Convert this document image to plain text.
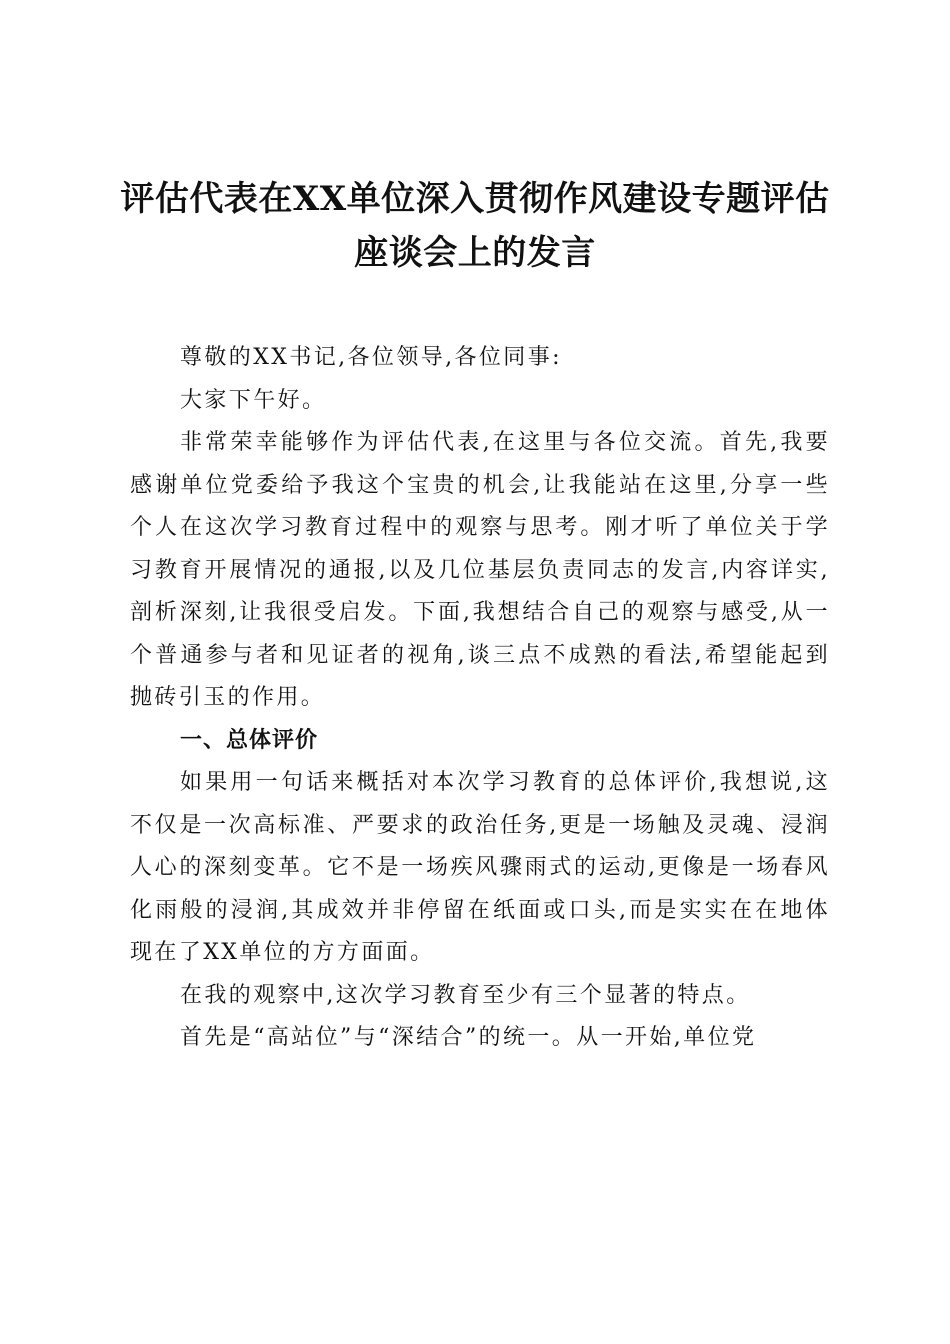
评估代表在XX单位深入贯彻作风建设专题评估座谈会上的发言

尊敬的XX书记,各位领导,各位同事:

大家下午好。

非常荣幸能够作为评估代表,在这里与各位交流。首先,我要感谢单位党委给予我这个宝贵的机会,让我能站在这里,分享一些个人在这次学习教育过程中的观察与思考。刚才听了单位关于学习教育开展情况的通报,以及几位基层负责同志的发言,内容详实,剖析深刻,让我很受启发。下面,我想结合自己的观察与感受,从一个普通参与者和见证者的视角,谈三点不成熟的看法,希望能起到抛砖引玉的作用。

一、总体评价

如果用一句话来概括对本次学习教育的总体评价,我想说,这不仅是一次高标准、严要求的政治任务,更是一场触及灵魂、浸润人心的深刻变革。它不是一场疾风骤雨式的运动,更像是一场春风化雨般的浸润,其成效并非停留在纸面或口头,而是实实在在地体现在了XX单位的方方面面。

在我的观察中,这次学习教育至少有三个显著的特点。

首先是“高站位”与“深结合”的统一。从一开始,单位党
